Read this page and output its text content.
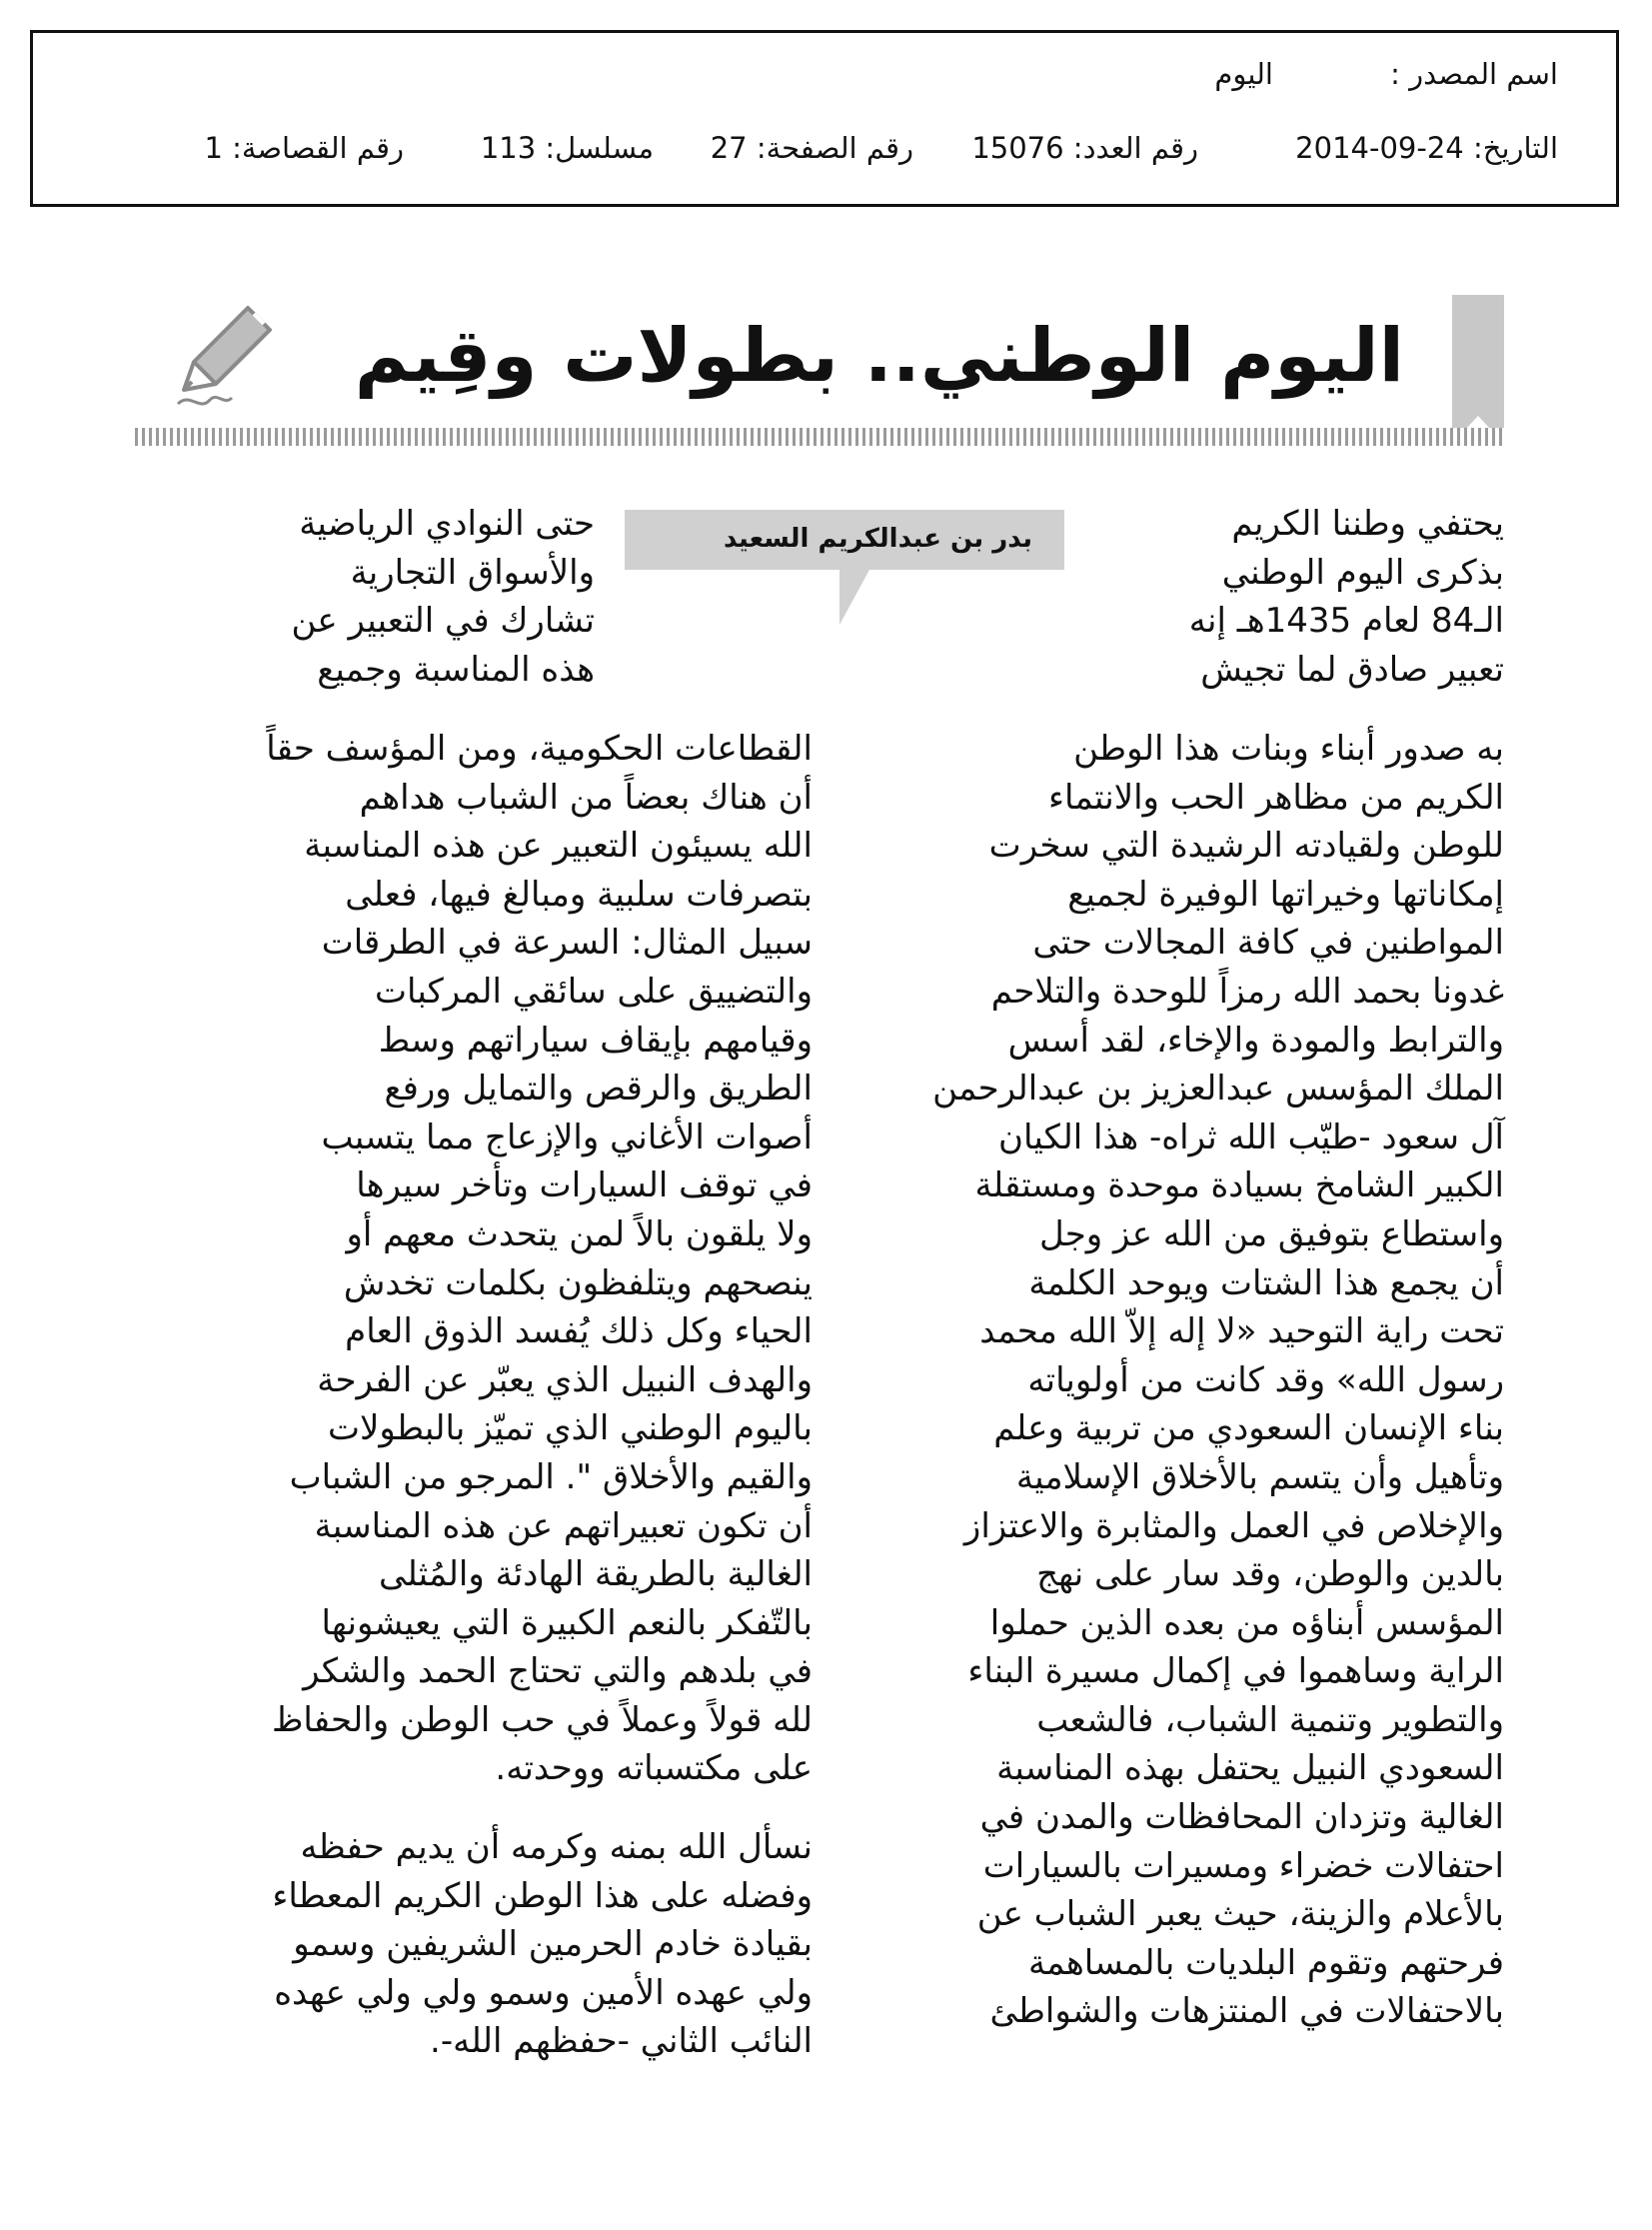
اسم المصدر :اليوم
التاريخ: 24-09-2014رقم العدد: 15076رقم الصفحة: 27مسلسل: 113رقم القصاصة: 1
اليوم الوطني.. بطولات وقِيم
بدر بن عبدالكريم السعيد	يحتفي وطننا الكريم
بذكرى اليوم الوطني
الـ84 لعام 1435هـ إنه
تعبير صادق لما تجيش

به صدور أبناء وبنات هذا الوطن
الكريم من مظاهر الحب والانتماء
للوطن ولقيادته الرشيدة التي سخرت
إمكاناتها وخيراتها الوفيرة لجميع
المواطنين في كافة المجالات حتى
غدونا بحمد الله رمزاً للوحدة والتلاحم
والترابط والمودة والإخاء، لقد أسس
الملك المؤسس عبدالعزيز بن عبدالرحمن
آل سعود -طيّب الله ثراه- هذا الكيان
الكبير الشامخ بسيادة موحدة ومستقلة
واستطاع بتوفيق من الله عز وجل
أن يجمع هذا الشتات ويوحد الكلمة
تحت راية التوحيد «لا إله إلاّ الله محمد
رسول الله» وقد كانت من أولوياته
بناء الإنسان السعودي من تربية وعلم
وتأهيل وأن يتسم بالأخلاق الإسلامية
والإخلاص في العمل والمثابرة والاعتزاز
بالدين والوطن، وقد سار على نهج
المؤسس أبناؤه من بعده الذين حملوا
الراية وساهموا في إكمال مسيرة البناء
والتطوير وتنمية الشباب، فالشعب
السعودي النبيل يحتفل بهذه المناسبة
الغالية وتزدان المحافظات والمدن في
احتفالات خضراء ومسيرات بالسيارات
بالأعلام والزينة، حيث يعبر الشباب عن
فرحتهم وتقوم البلديات بالمساهمة
بالاحتفالات في المنتزهات والشواطئ

حتى النوادي الرياضية
والأسواق التجارية
تشارك في التعبير عن
هذه المناسبة وجميع

القطاعات الحكومية، ومن المؤسف حقاً
أن هناك بعضاً من الشباب هداهم
الله يسيئون التعبير عن هذه المناسبة
بتصرفات سلبية ومبالغ فيها، فعلى
سبيل المثال: السرعة في الطرقات
والتضييق على سائقي المركبات
وقيامهم بإيقاف سياراتهم وسط
الطريق والرقص والتمايل ورفع
أصوات الأغاني والإزعاج مما يتسبب
في توقف السيارات وتأخر سيرها
ولا يلقون بالاً لمن يتحدث معهم أو
ينصحهم ويتلفظون بكلمات تخدش
الحياء وكل ذلك يُفسد الذوق العام
والهدف النبيل الذي يعبّر عن الفرحة
باليوم الوطني الذي تميّز بالبطولات
والقيم والأخلاق ". المرجو من الشباب
أن تكون تعبيراتهم عن هذه المناسبة
الغالية بالطريقة الهادئة والمُثلى
بالتّفكر بالنعم الكبيرة التي يعيشونها
في بلدهم والتي تحتاج الحمد والشكر
لله قولاً وعملاً في حب الوطن والحفاظ
على مكتسباته ووحدته.

نسأل الله بمنه وكرمه أن يديم حفظه
وفضله على هذا الوطن الكريم المعطاء
بقيادة خادم الحرمين الشريفين وسمو
ولي عهده الأمين وسمو ولي ولي عهده
النائب الثاني -حفظهم الله-.
